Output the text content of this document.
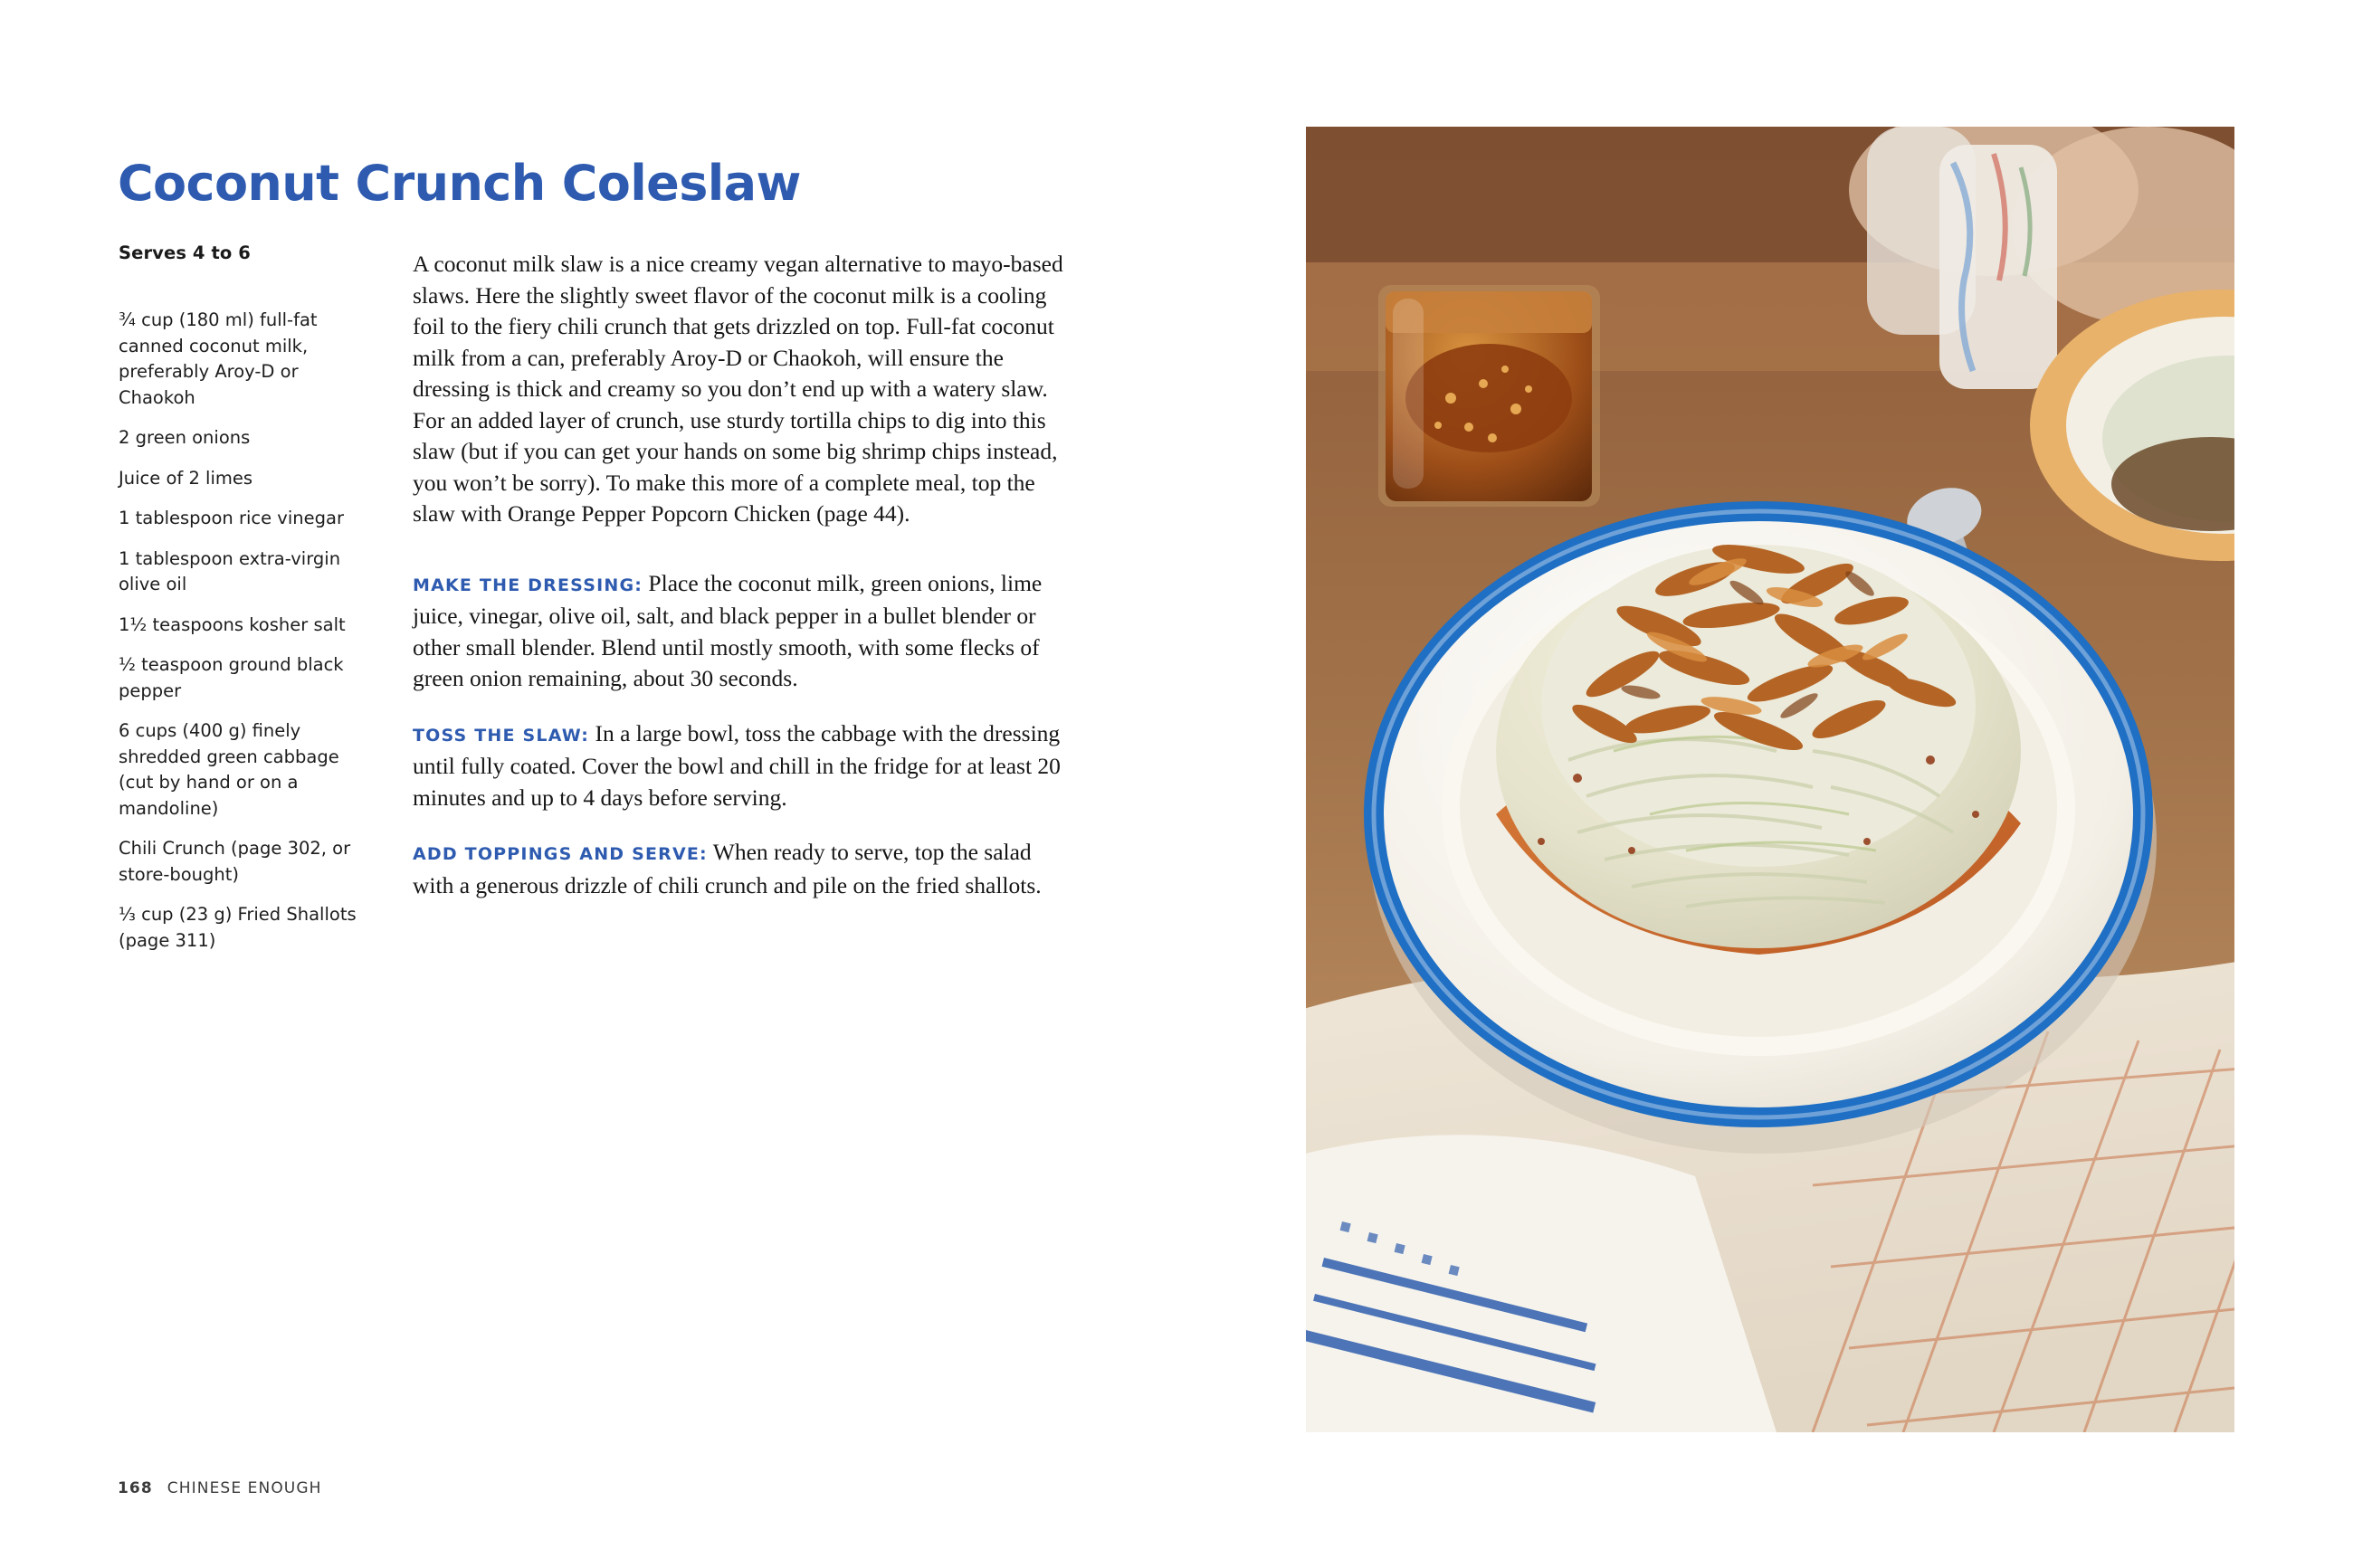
Coconut Crunch Coleslaw
Serves 4 to 6
¾ cup (180 ml) full-fat canned coconut milk, preferably Aroy-D or Chaokoh
2 green onions
Juice of 2 limes
1 tablespoon rice vinegar
1 tablespoon extra-virgin olive oil
1½ teaspoons kosher salt
½ teaspoon ground black pepper
6 cups (400 g) finely shredded green cabbage (cut by hand or on a mandoline)
Chili Crunch (page 302, or store-bought)
⅓ cup (23 g) Fried Shallots (page 311)

A coconut milk slaw is a nice creamy vegan alternative to mayo-based slaws. Here the slightly sweet flavor of the coconut milk is a cooling foil to the fiery chili crunch that gets drizzled on top. Full-fat coconut milk from a can, preferably Aroy-D or Chaokoh, will ensure the dressing is thick and creamy so you don’t end up with a watery slaw. For an added layer of crunch, use sturdy tortilla chips to dig into this slaw (but if you can get your hands on some big shrimp chips instead, you won’t be sorry). To make this more of a complete meal, top the slaw with Orange Pepper Popcorn Chicken (page 44).

MAKE THE DRESSING: Place the coconut milk, green onions, lime juice, vinegar, olive oil, salt, and black pepper in a bullet blender or other small blender. Blend until mostly smooth, with some flecks of green onion remaining, about 30 seconds.

TOSS THE SLAW: In a large bowl, toss the cabbage with the dressing until fully coated. Cover the bowl and chill in the fridge for at least 20 minutes and up to 4 days before serving.

ADD TOPPINGS AND SERVE: When ready to serve, top the salad with a generous drizzle of chili crunch and pile on the fried shallots.

168 CHINESE ENOUGH
